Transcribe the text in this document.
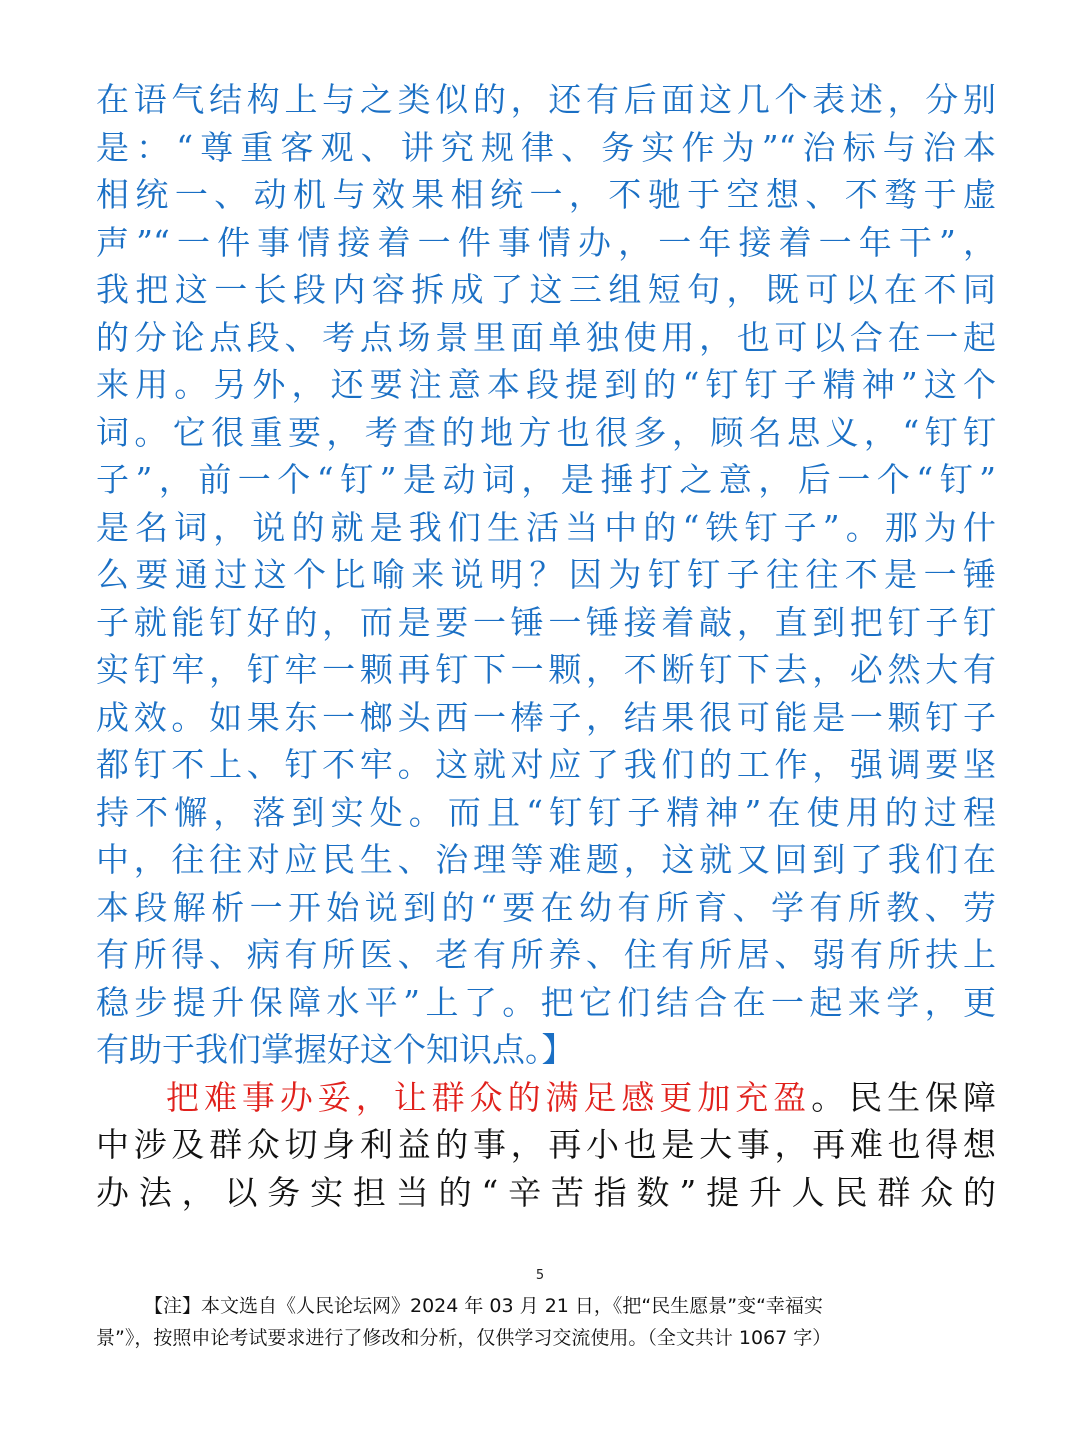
在语气结构上与之类似的，还有后面这几个表述，分别
是：“尊重客观、讲究规律、务实作为”“治标与治本
相统一、动机与效果相统一，不驰于空想、不骛于虚
声”“一件事情接着一件事情办，一年接着一年干”，
我把这一长段内容拆成了这三组短句，既可以在不同
的分论点段、考点场景里面单独使用，也可以合在一起
来用。另外，还要注意本段提到的“钉钉子精神”这个
词。它很重要，考查的地方也很多，顾名思义，“钉钉
子”，前一个“钉”是动词，是捶打之意，后一个“钉”
是名词，说的就是我们生活当中的“铁钉子”。那为什
么要通过这个比喻来说明？因为钉钉子往往不是一锤
子就能钉好的，而是要一锤一锤接着敲，直到把钉子钉
实钉牢，钉牢一颗再钉下一颗，不断钉下去，必然大有
成效。如果东一榔头西一棒子，结果很可能是一颗钉子
都钉不上、钉不牢。这就对应了我们的工作，强调要坚
持不懈，落到实处。而且“钉钉子精神”在使用的过程
中，往往对应民生、治理等难题，这就又回到了我们在
本段解析一开始说到的“要在幼有所育、学有所教、劳
有所得、病有所医、老有所养、住有所居、弱有所扶上
稳步提升保障水平”上了。把它们结合在一起来学，更
有助于我们掌握好这个知识点。】
把难事办妥，让群众的满足感更加充盈。民生保障
中涉及群众切身利益的事，再小也是大事，再难也得想
办法，以务实担当的“辛苦指数”提升人民群众的
5
【注】本文选自《人民论坛网》2024 年 03 月 21 日，《把“民生愿景”变“幸福实
景”》，按照申论考试要求进行了修改和分析，仅供学习交流使用。（全文共计 1067 字）
